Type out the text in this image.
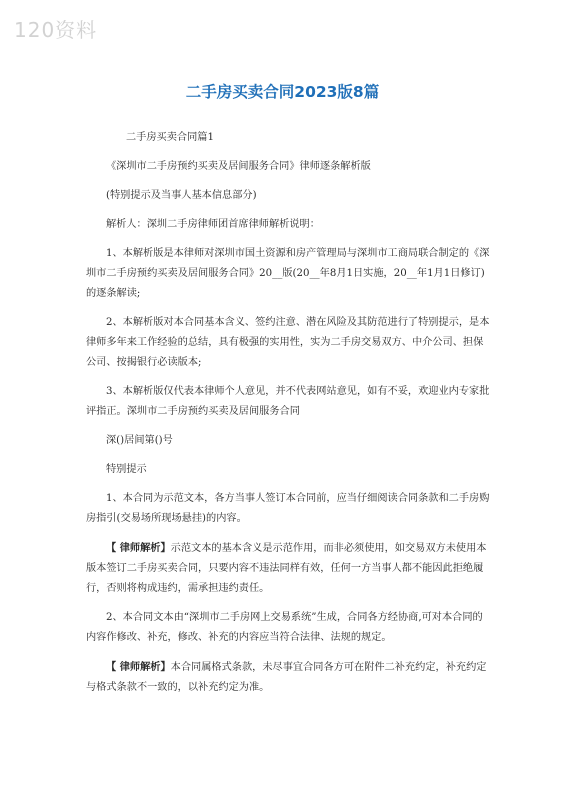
120资料
二手房买卖合同2023版8篇

二手房买卖合同篇1

《深圳市二手房预约买卖及居间服务合同》律师逐条解析版

(特别提示及当事人基本信息部分)

解析人：深圳二手房律师团首席律师解析说明：

1、本解析版是本律师对深圳市国土资源和房产管理局与深圳市工商局联合制定的《深圳市二手房预约买卖及居间服务合同》20__版(20__年8月1日实施，20__年1月1日修订)的逐条解读;

2、本解析版对本合同基本含义、签约注意、潜在风险及其防范进行了特别提示，是本律师多年来工作经验的总结，具有极强的实用性，实为二手房交易双方、中介公司、担保公司、按揭银行必读版本;

3、本解析版仅代表本律师个人意见，并不代表网站意见，如有不妥，欢迎业内专家批评指正。深圳市二手房预约买卖及居间服务合同

深()居间第()号

特别提示

1、本合同为示范文本，各方当事人签订本合同前，应当仔细阅读合同条款和二手房购房指引(交易场所现场悬挂)的内容。

【 律师解析】示范文本的基本含义是示范作用，而非必须使用，如交易双方未使用本版本签订二手房买卖合同，只要内容不违法同样有效，任何一方当事人都不能因此拒绝履行，否则将构成违约，需承担违约责任。

2、本合同文本由“深圳市二手房网上交易系统”生成，合同各方经协商,可对本合同的内容作修改、补充，修改、补充的内容应当符合法律、法规的规定。

【 律师解析】本合同属格式条款，未尽事宜合同各方可在附件二补充约定，补充约定与格式条款不一致的，以补充约定为准。
